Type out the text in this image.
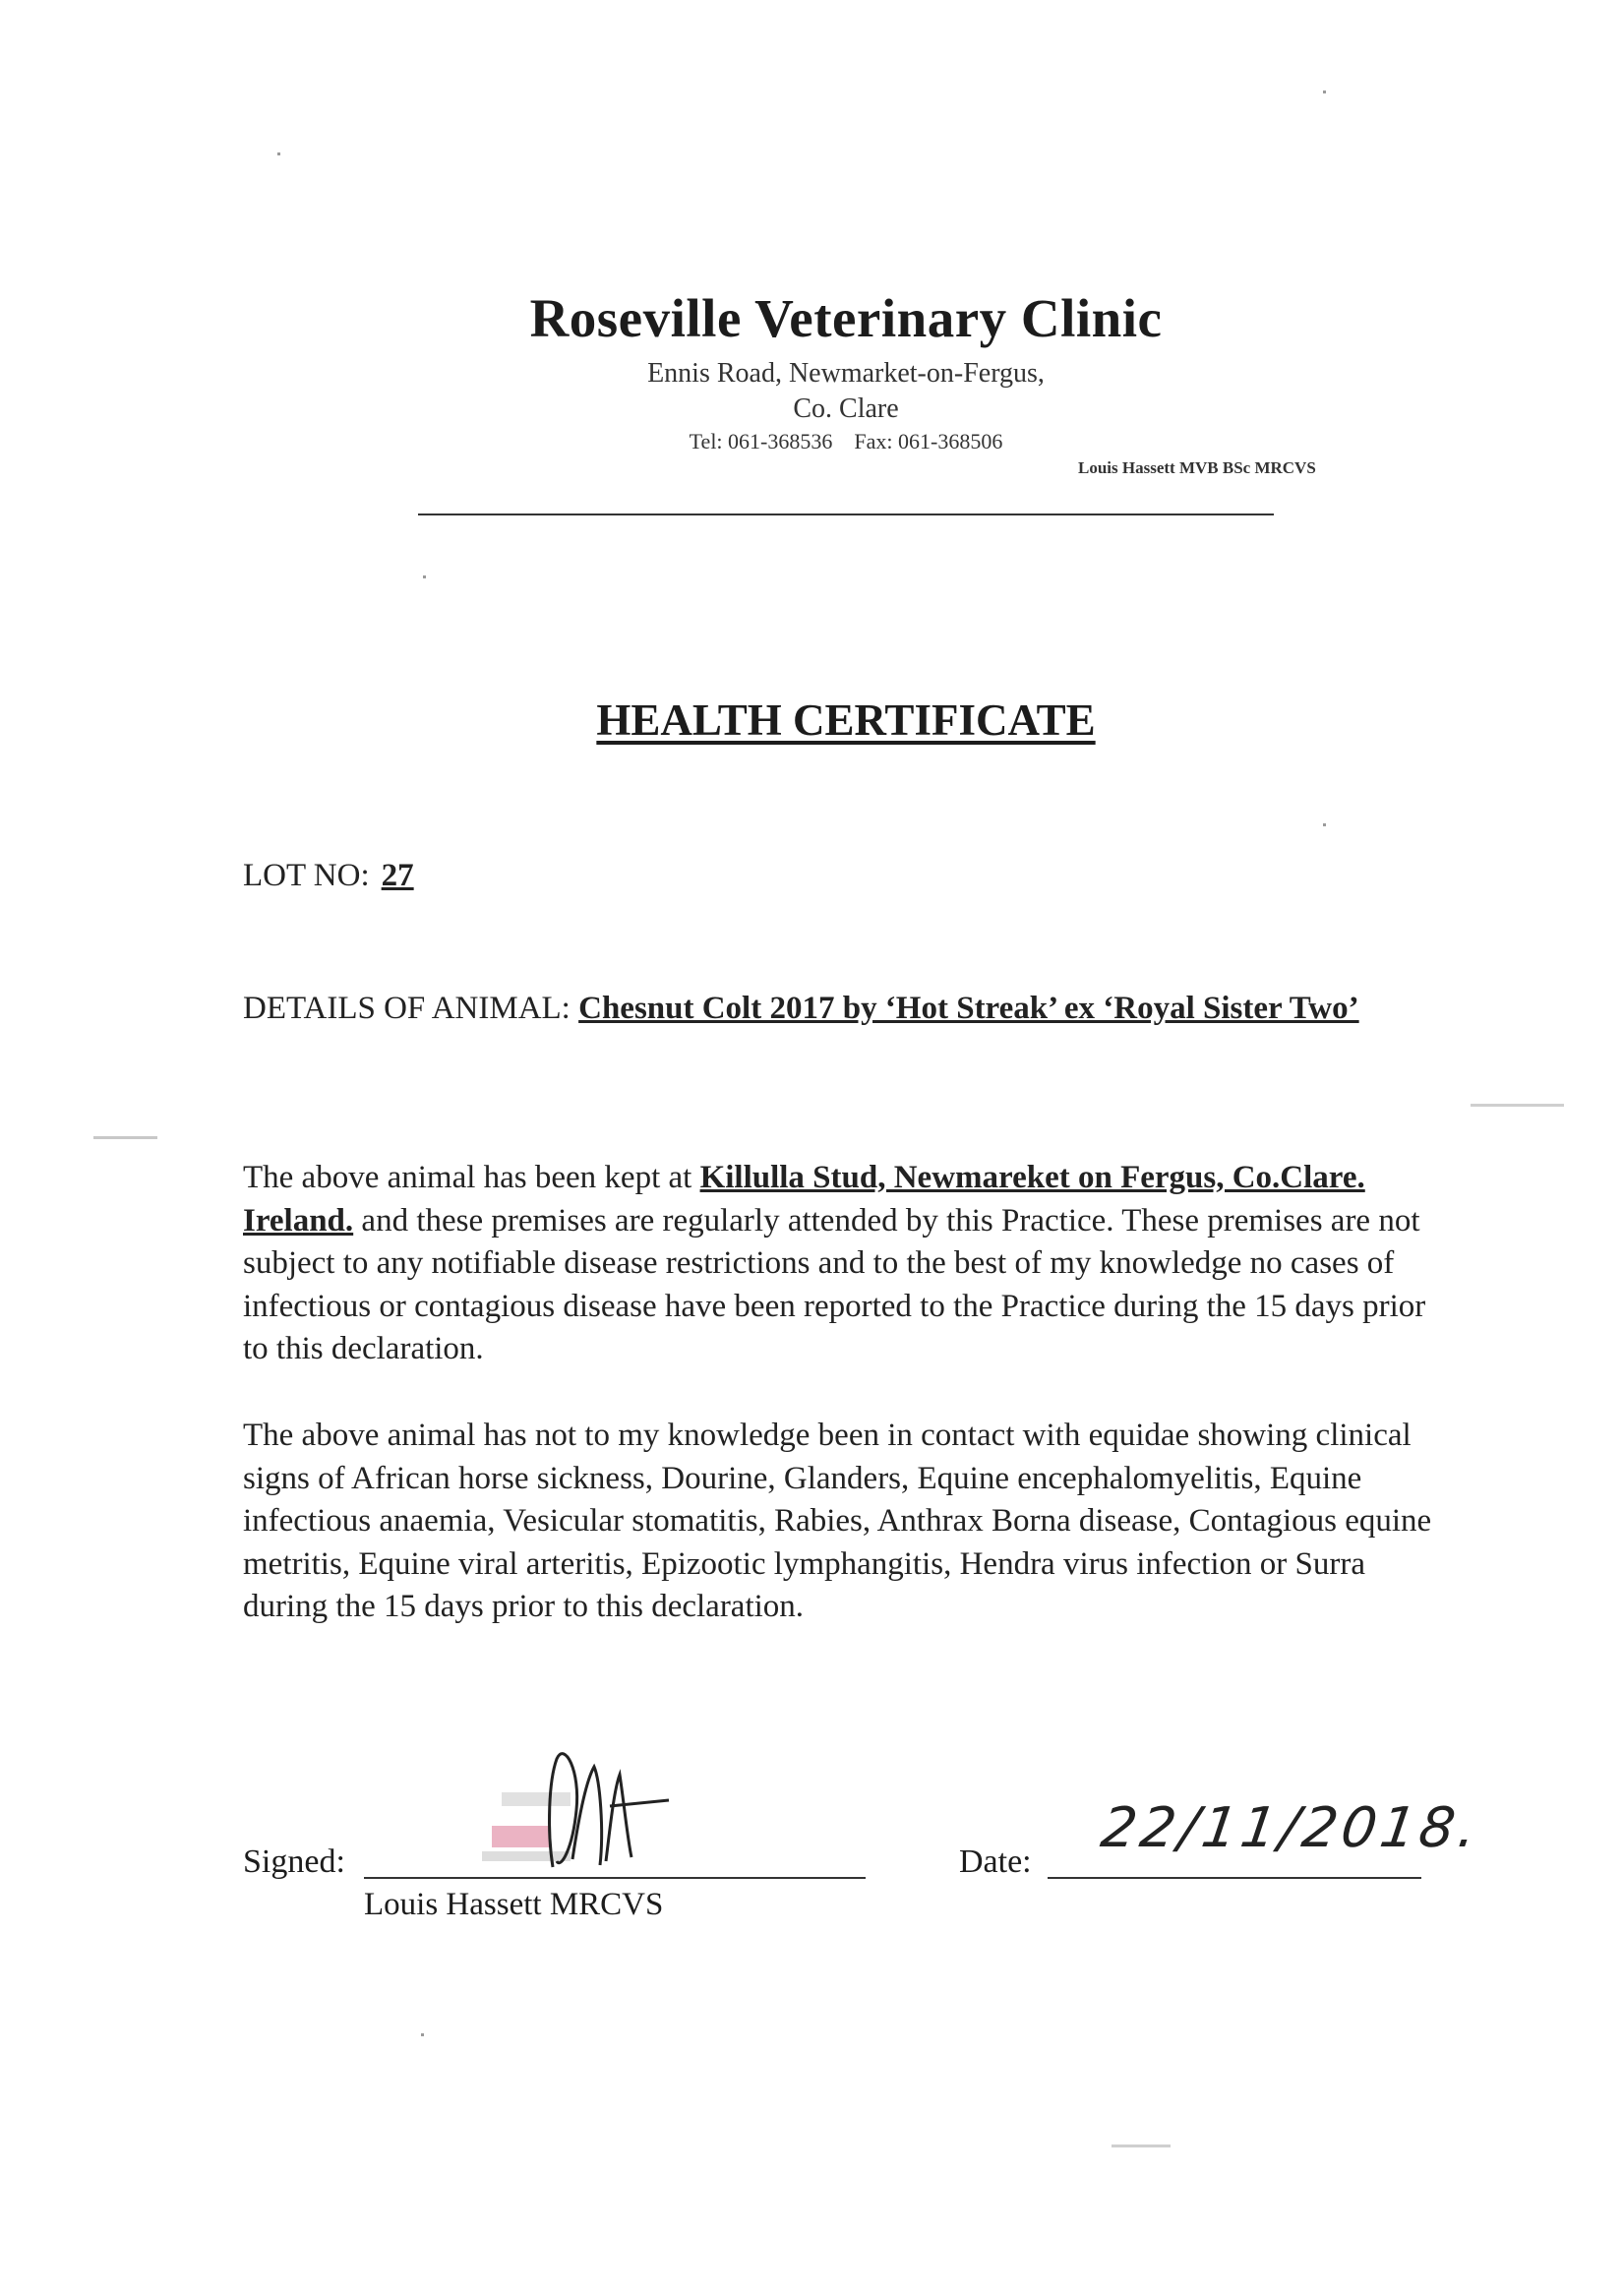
Roseville Veterinary Clinic
Ennis Road, Newmarket-on-Fergus,
Co. Clare
Tel: 061-368536 Fax: 061-368506
Louis Hassett MVB BSc MRCVS
HEALTH CERTIFICATE
LOT NO: 27
DETAILS OF ANIMAL: Chesnut Colt 2017 by ‘Hot Streak’ ex ‘Royal Sister Two’
The above animal has been kept at Killulla Stud, Newmareket on Fergus, Co.Clare. Ireland. and these premises are regularly attended by this Practice. These premises are not subject to any notifiable disease restrictions and to the best of my knowledge no cases of infectious or contagious disease have been reported to the Practice during the 15 days prior to this declaration.
The above animal has not to my knowledge been in contact with equidae showing clinical signs of African horse sickness, Dourine, Glanders, Equine encephalomyelitis, Equine infectious anaemia, Vesicular stomatitis, Rabies, Anthrax Borna disease, Contagious equine metritis, Equine viral arteritis, Epizootic lymphangitis, Hendra virus infection or Surra during the 15 days prior to this declaration.
Signed:
Louis Hassett MRCVS
Date:
22/11/2018.
